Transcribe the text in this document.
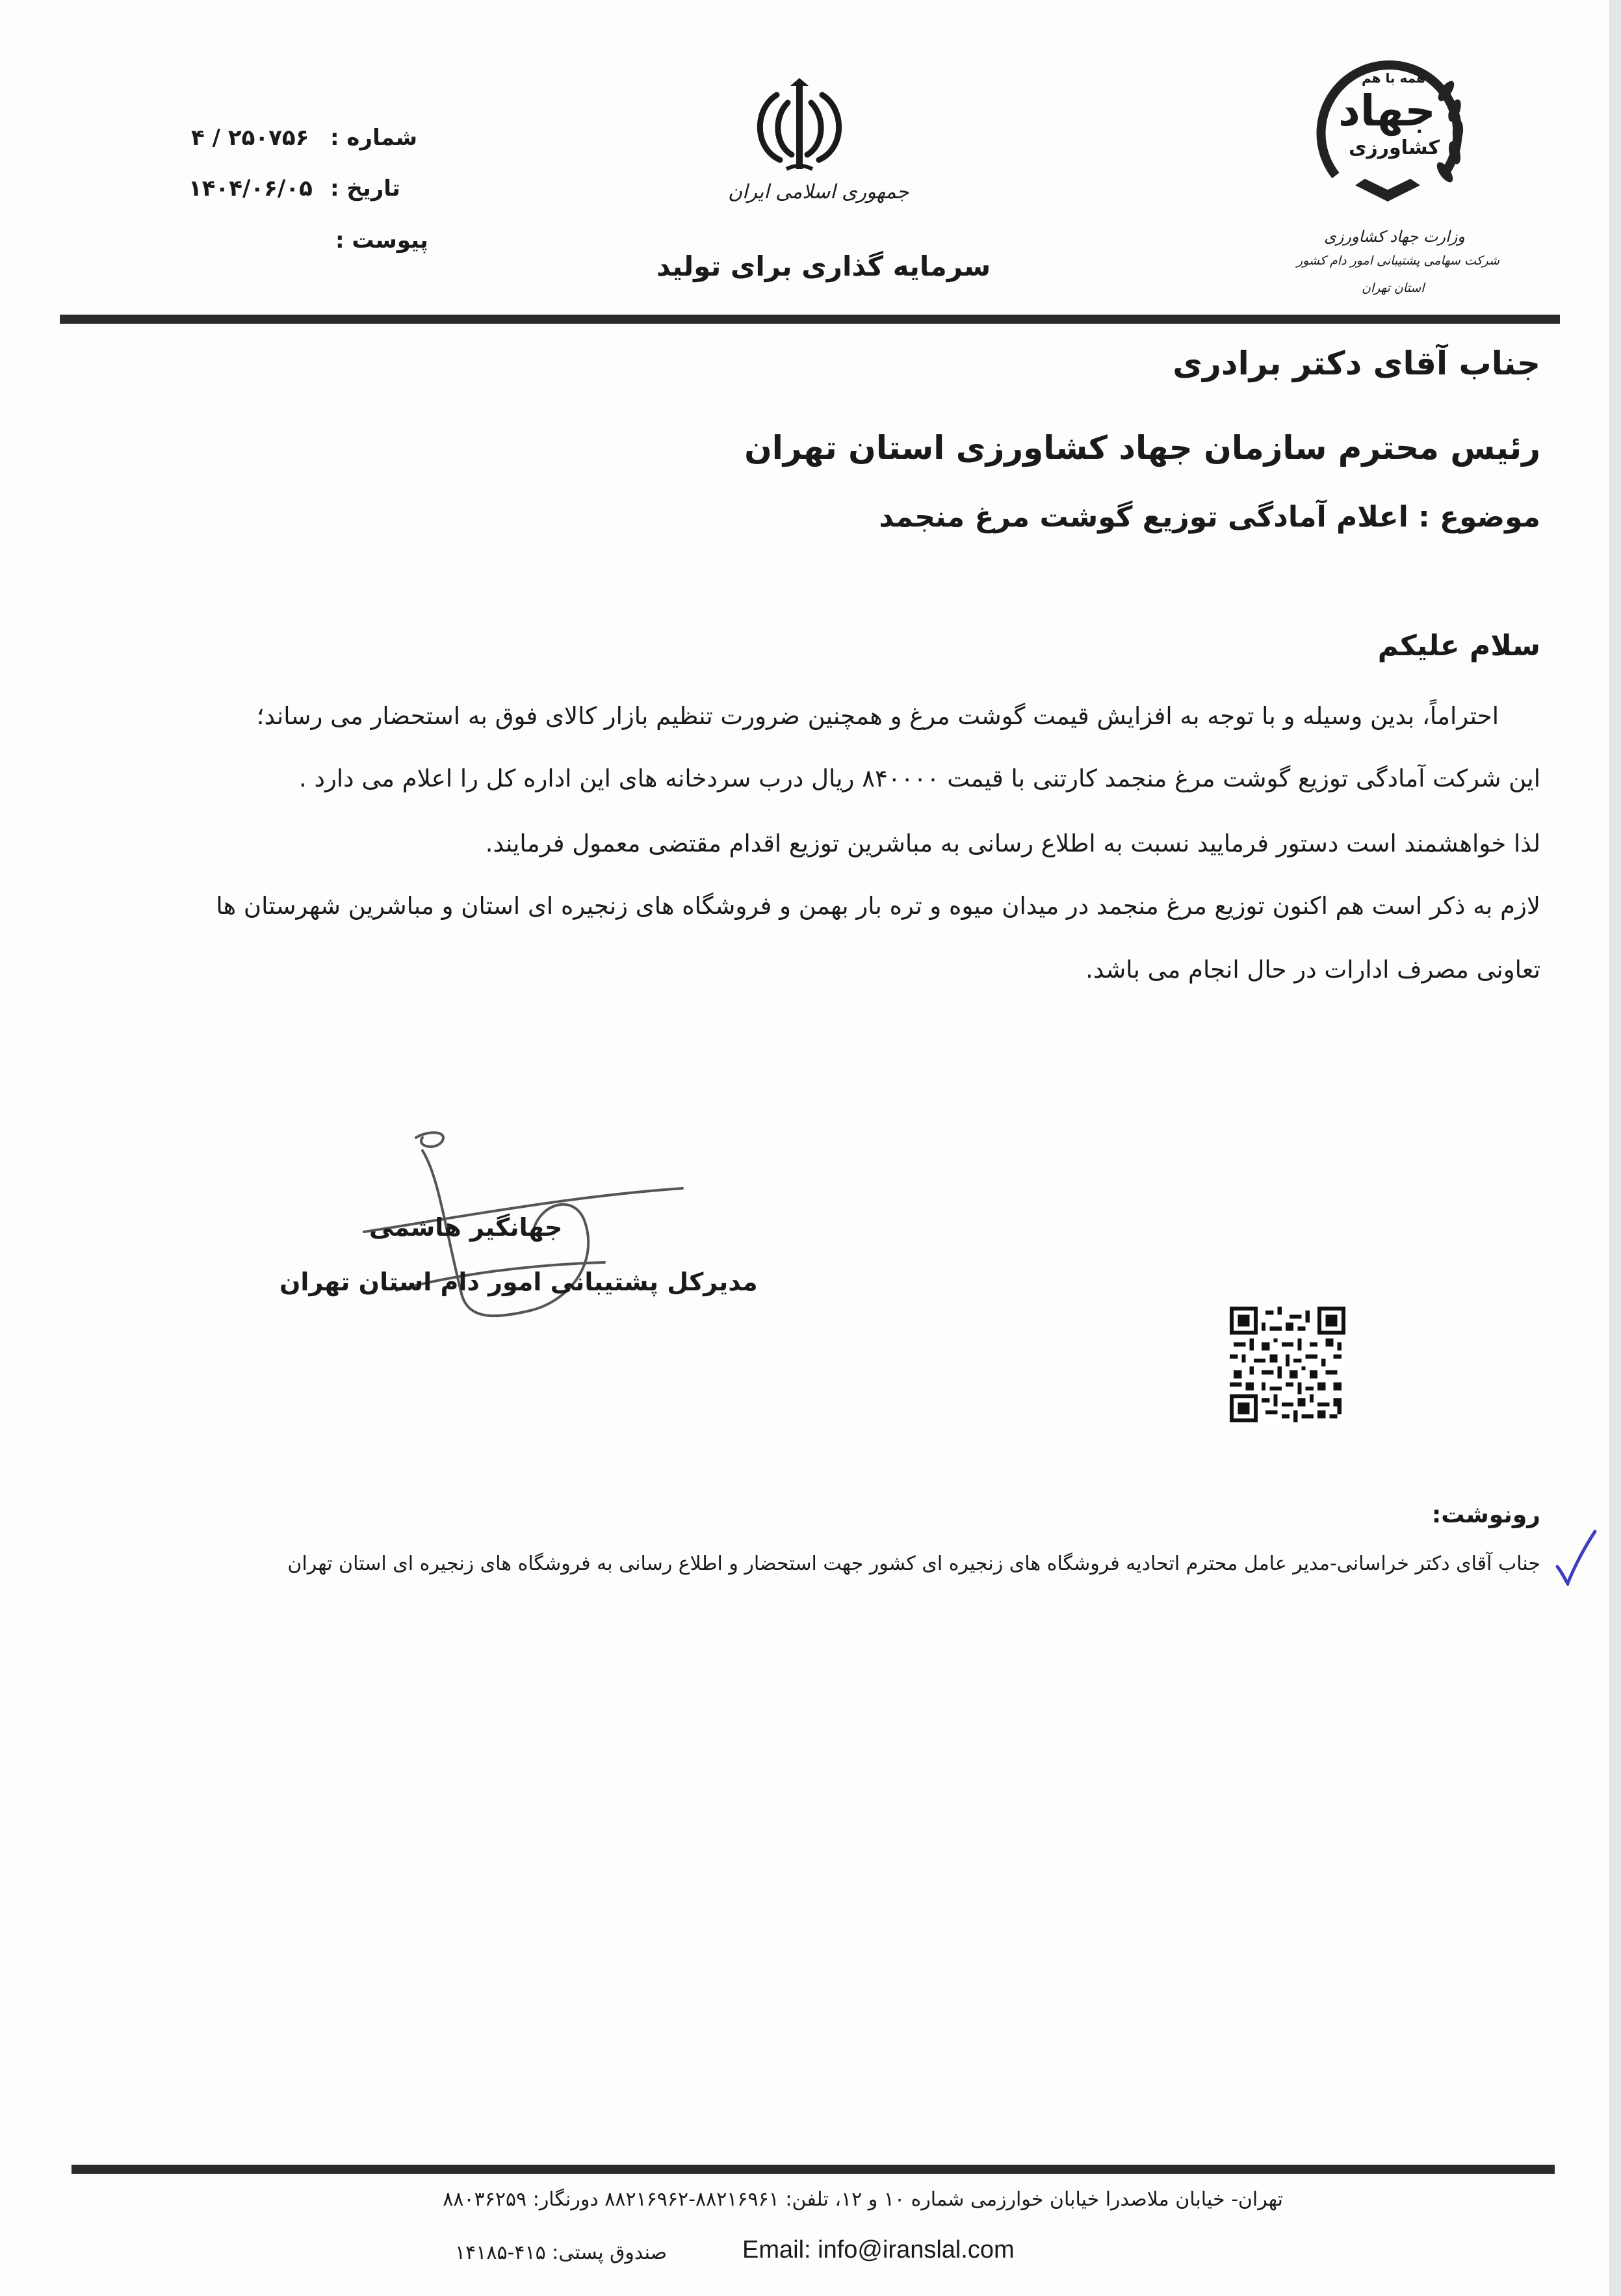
همه با هم
جهاد
کشاورزی
وزارت جهاد کشاورزی
شرکت سهامی پشتیبانی امور دام کشور
استان تهران
جمهوری اسلامی ایران
سرمایه گذاری برای تولید
شماره :
۴ / ۲۵۰۷۵۶
تاریخ :
۱۴۰۴/۰۶/۰۵
پیوست :
جناب آقای دکتر برادری
رئیس محترم سازمان جهاد کشاورزی استان تهران
موضوع : اعلام آمادگی توزیع گوشت مرغ منجمد
سلام علیکم
احتراماً، بدین وسیله و با توجه به افزایش قیمت گوشت مرغ و همچنین ضرورت تنظیم بازار کالای فوق به استحضار می رساند؛
این شرکت آمادگی توزیع گوشت مرغ منجمد کارتنی با قیمت ۸۴۰۰۰۰ ریال درب سردخانه های این اداره کل را اعلام می دارد .
لذا خواهشمند است دستور فرمایید نسبت به اطلاع رسانی به مباشرین توزیع اقدام مقتضی معمول فرمایند.
لازم به ذکر است هم اکنون توزیع مرغ منجمد در میدان میوه و تره بار بهمن و فروشگاه های زنجیره ای استان و مباشرین شهرستان ها
تعاونی مصرف ادارات در حال انجام می باشد.
جهانگیر هاشمی
مدیرکل پشتیبانی امور دام استان تهران
رونوشت:
جناب آقای دکتر خراسانی-مدیر عامل محترم اتحادیه فروشگاه های زنجیره ای کشور جهت استحضار و اطلاع رسانی به فروشگاه های زنجیره ای استان تهران
تهران- خیابان ملاصدرا خیابان خوارزمی شماره ۱۰ و ۱۲، تلفن: ۸۸۲۱۶۹۶۱-۸۸۲۱۶۹۶۲ دورنگار: ۸۸۰۳۶۲۵۹
صندوق پستی: ۴۱۵-۱۴۱۸۵	Email: info@iranslal.com
